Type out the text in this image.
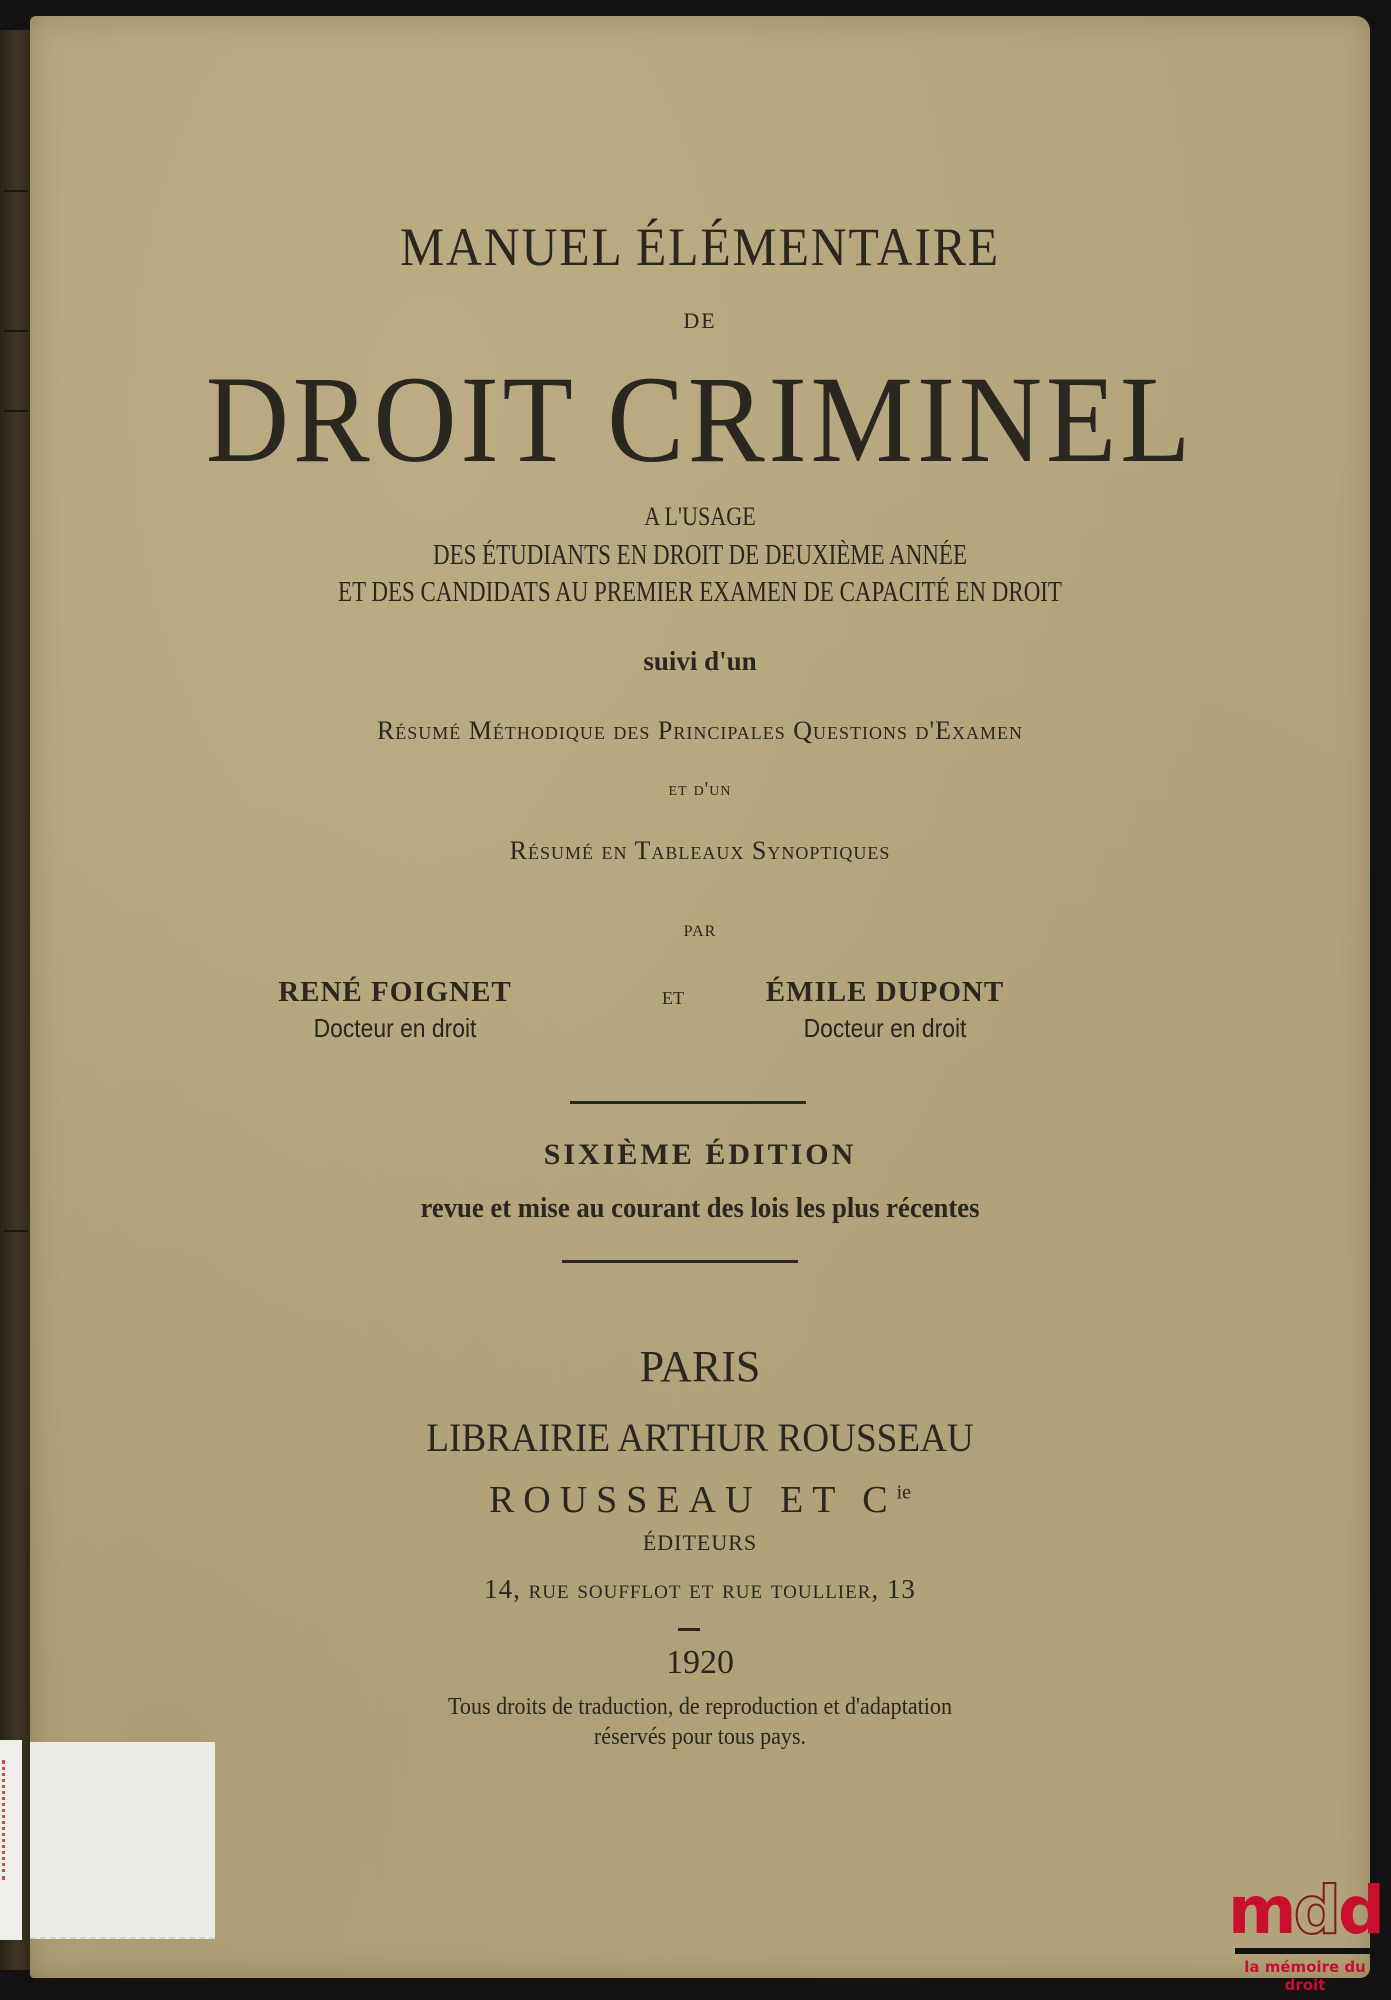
MANUEL ÉLÉMENTAIRE
DE
DROIT CRIMINEL
A L'USAGE
DES ÉTUDIANTS EN DROIT DE DEUXIÈME ANNÉE
ET DES CANDIDATS AU PREMIER EXAMEN DE CAPACITÉ EN DROIT
suivi d'un
Résumé Méthodique des Principales Questions d'Examen
et d'un
Résumé en Tableaux Synoptiques
PAR
RENÉ FOIGNET
Docteur en droit
ET	ÉMILE DUPONT
Docteur en droit
SIXIÈME ÉDITION
revue et mise au courant des lois les plus récentes
PARIS
LIBRAIRIE ARTHUR ROUSSEAU
ROUSSEAU ET $C^{ie}$
ÉDITEURS
14, rue soufflot et rue toullier, 13
1920
Tous droits de traduction, de reproduction et d'adaptation
réservés pour tous pays.
mdd
la mémoire du droit
